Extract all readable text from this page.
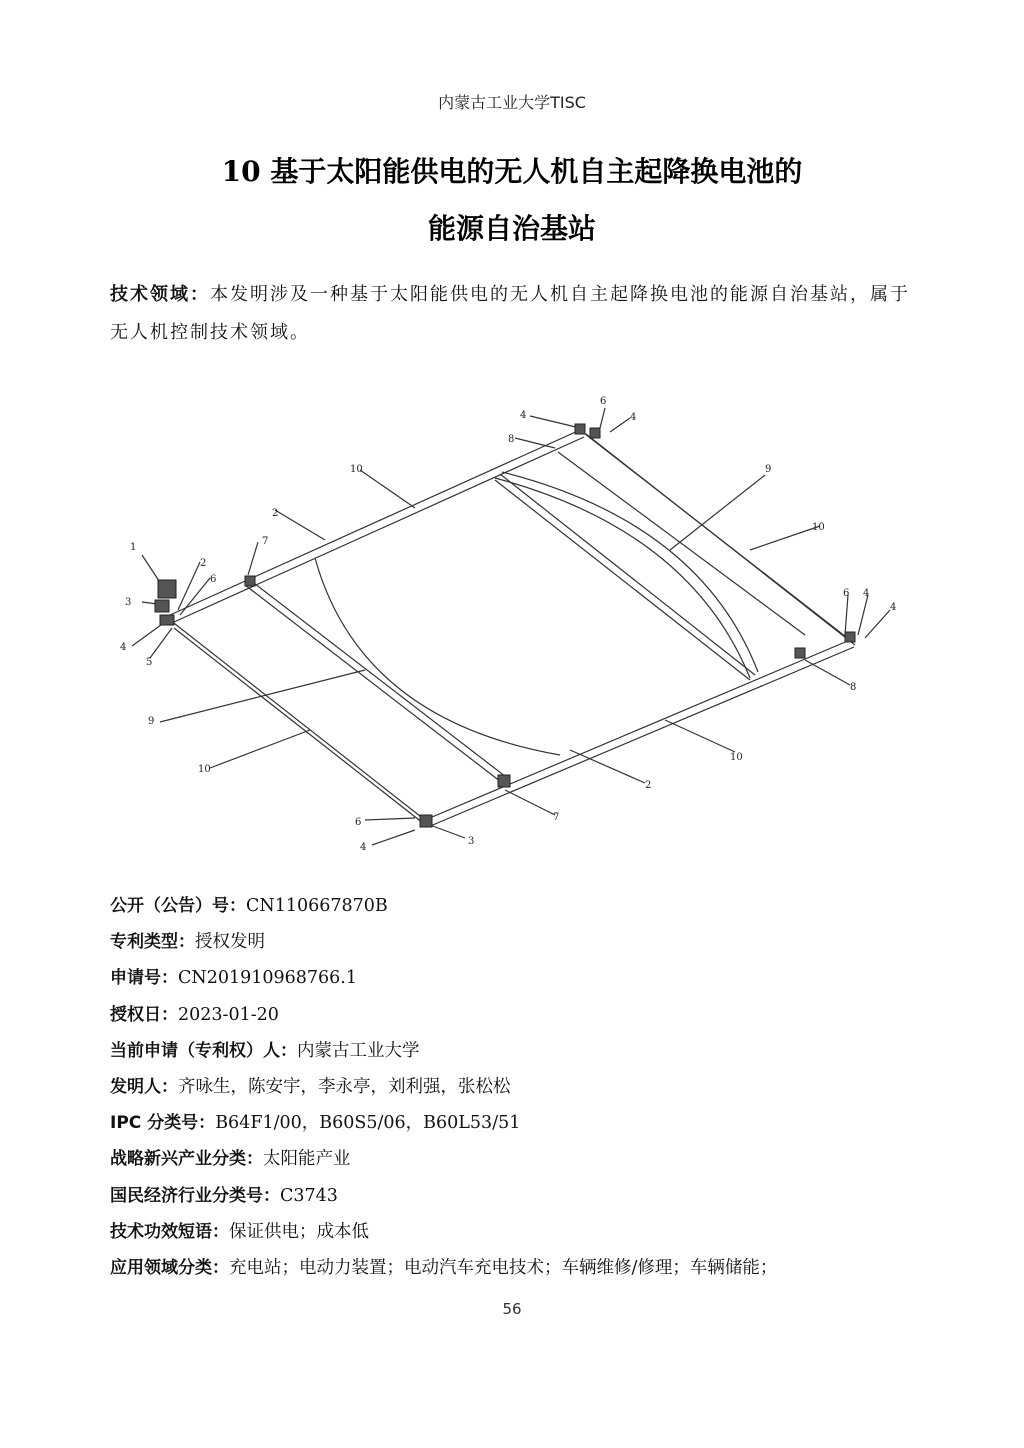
内蒙古工业大学TISC
10 基于太阳能供电的无人机自主起降换电池的
能源自治基站
技术领域：本发明涉及一种基于太阳能供电的无人机自主起降换电池的能源自治基站，属于无人机控制技术领域。
1
2
3
4
5
6
7
8
9
10
10
2
4
6
4
9
10
6 4
4
8
10
2
7
6
4
3
公开（公告）号：CN110667870B
专利类型：授权发明
申请号：CN201910968766.1
授权日：2023-01-20
当前申请（专利权）人：内蒙古工业大学
发明人：齐咏生，陈安宇，李永亭，刘利强，张松松
IPC 分类号：B64F1/00，B60S5/06，B60L53/51
战略新兴产业分类：太阳能产业
国民经济行业分类号：C3743
技术功效短语：保证供电；成本低
应用领域分类：充电站；电动力装置；电动汽车充电技术；车辆维修/修理；车辆储能；
56
